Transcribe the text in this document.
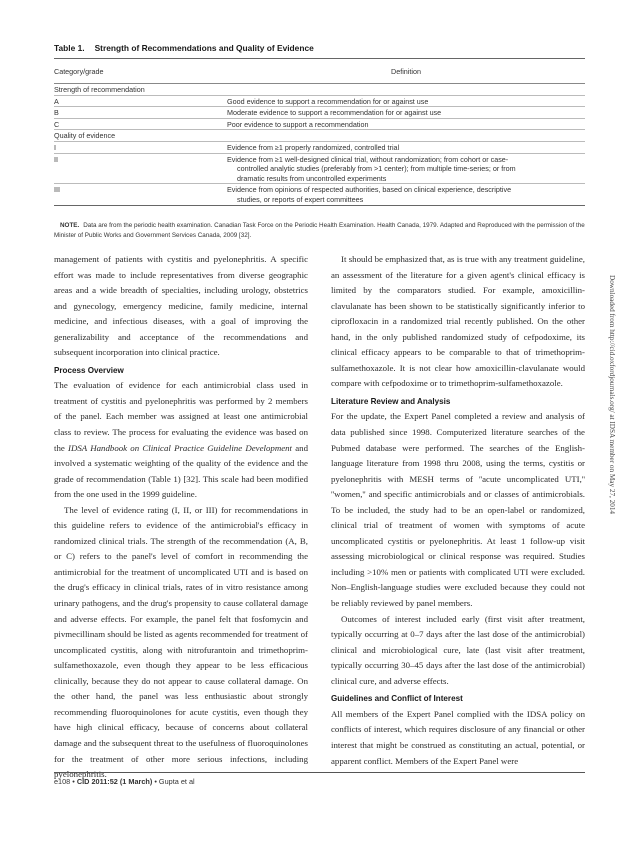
Table 1. Strength of Recommendations and Quality of Evidence
Category/grade	Definition
Strength of recommendation

A	Good evidence to support a recommendation for or against use
B	Moderate evidence to support a recommendation for or against use
C	Poor evidence to support a recommendation
Quality of evidence

I	Evidence from ≥1 properly randomized, controlled trial
II	Evidence from ≥1 well-designed clinical trial, without randomization; from cohort or case-
controlled analytic studies (preferably from >1 center); from multiple time-series; or from
dramatic results from uncontrolled experiments
III	Evidence from opinions of respected authorities, based on clinical experience, descriptive
studies, or reports of expert committees
NOTE. Data are from the periodic health examination. Canadian Task Force on the Periodic Health Examination. Health Canada, 1979. Adapted and Reproduced with the permission of the Minister of Public Works and Government Services Canada, 2009 [32].

management of patients with cystitis and pyelonephritis. A specific effort was made to include representatives from diverse geographic areas and a wide breadth of specialties, including urology, obstetrics and gynecology, emergency medicine, family medicine, internal medicine, and infectious diseases, with a goal of improving the generalizability and acceptance of the recommendations and subsequent incorporation into clinical practice.

Process Overview

The evaluation of evidence for each antimicrobial class used in treatment of cystitis and pyelonephritis was performed by 2 members of the panel. Each member was assigned at least one antimicrobial class to review. The process for evaluating the evidence was based on the IDSA Handbook on Clinical Practice Guideline Development and involved a systematic weighting of the quality of the evidence and the grade of recommendation (Table 1) [32]. This scale had been modified from the one used in the 1999 guideline.

The level of evidence rating (I, II, or III) for recommendations in this guideline refers to evidence of the antimicrobial's efficacy in randomized clinical trials. The strength of the recommendation (A, B, or C) refers to the panel's level of comfort in recommending the antimicrobial for the treatment of uncomplicated UTI and is based on the drug's efficacy in clinical trials, rates of in vitro resistance among urinary pathogens, and the drug's propensity to cause collateral damage and adverse effects. For example, the panel felt that fosfomycin and pivmecillinam should be listed as agents recommended for treatment of uncomplicated cystitis, along with nitrofurantoin and trimethoprim-sulfamethoxazole, even though they appear to be less efficacious clinically, because they do not appear to cause collateral damage. On the other hand, the panel was less enthusiastic about strongly recommending fluoroquinolones for acute cystitis, even though they have high clinical efficacy, because of concerns about collateral damage and the subsequent threat to the usefulness of fluoroquinolones for the treatment of other more serious infections, including pyelonephritis.

It should be emphasized that, as is true with any treatment guideline, an assessment of the literature for a given agent's clinical efficacy is limited by the comparators studied. For example, amoxicillin-clavulanate has been shown to be statistically significantly inferior to ciprofloxacin in a randomized trial recently published. On the other hand, in the only published randomized study of cefpodoxime, its clinical efficacy appears to be comparable to that of trimethoprim-sulfamethoxazole. It is not clear how amoxicillin-clavulanate would compare with cefpodoxime or to trimethoprim-sulfamethoxazole.

Literature Review and Analysis

For the update, the Expert Panel completed a review and analysis of data published since 1998. Computerized literature searches of the Pubmed database were performed. The searches of the English-language literature from 1998 thru 2008, using the terms, cystitis or pyelonephritis with MESH terms of ''acute uncomplicated UTI,'' ''women,'' and specific antimicrobials and or classes of antimicrobials. To be included, the study had to be an open-label or randomized, clinical trial of treatment of women with symptoms of acute uncomplicated cystitis or pyelonephritis. At least 1 follow-up visit assessing microbiological or clinical response was required. Studies including >10% men or patients with complicated UTI were excluded. Non–English-language studies were excluded because they could not be reliably reviewed by panel members.

Outcomes of interest included early (first visit after treatment, typically occurring at 0–7 days after the last dose of the antimicrobial) clinical and microbiological cure, late (last visit after treatment, typically occurring 30–45 days after the last dose of the antimicrobial) clinical cure, and adverse effects.

Guidelines and Conflict of Interest

All members of the Expert Panel complied with the IDSA policy on conflicts of interest, which requires disclosure of any financial or other interest that might be construed as constituting an actual, potential, or apparent conflict. Members of the Expert Panel were

Downloaded from http://cid.oxfordjournals.org/ at IDSA member on May 27, 2014
e108 • CID 2011:52 (1 March) • Gupta et al
